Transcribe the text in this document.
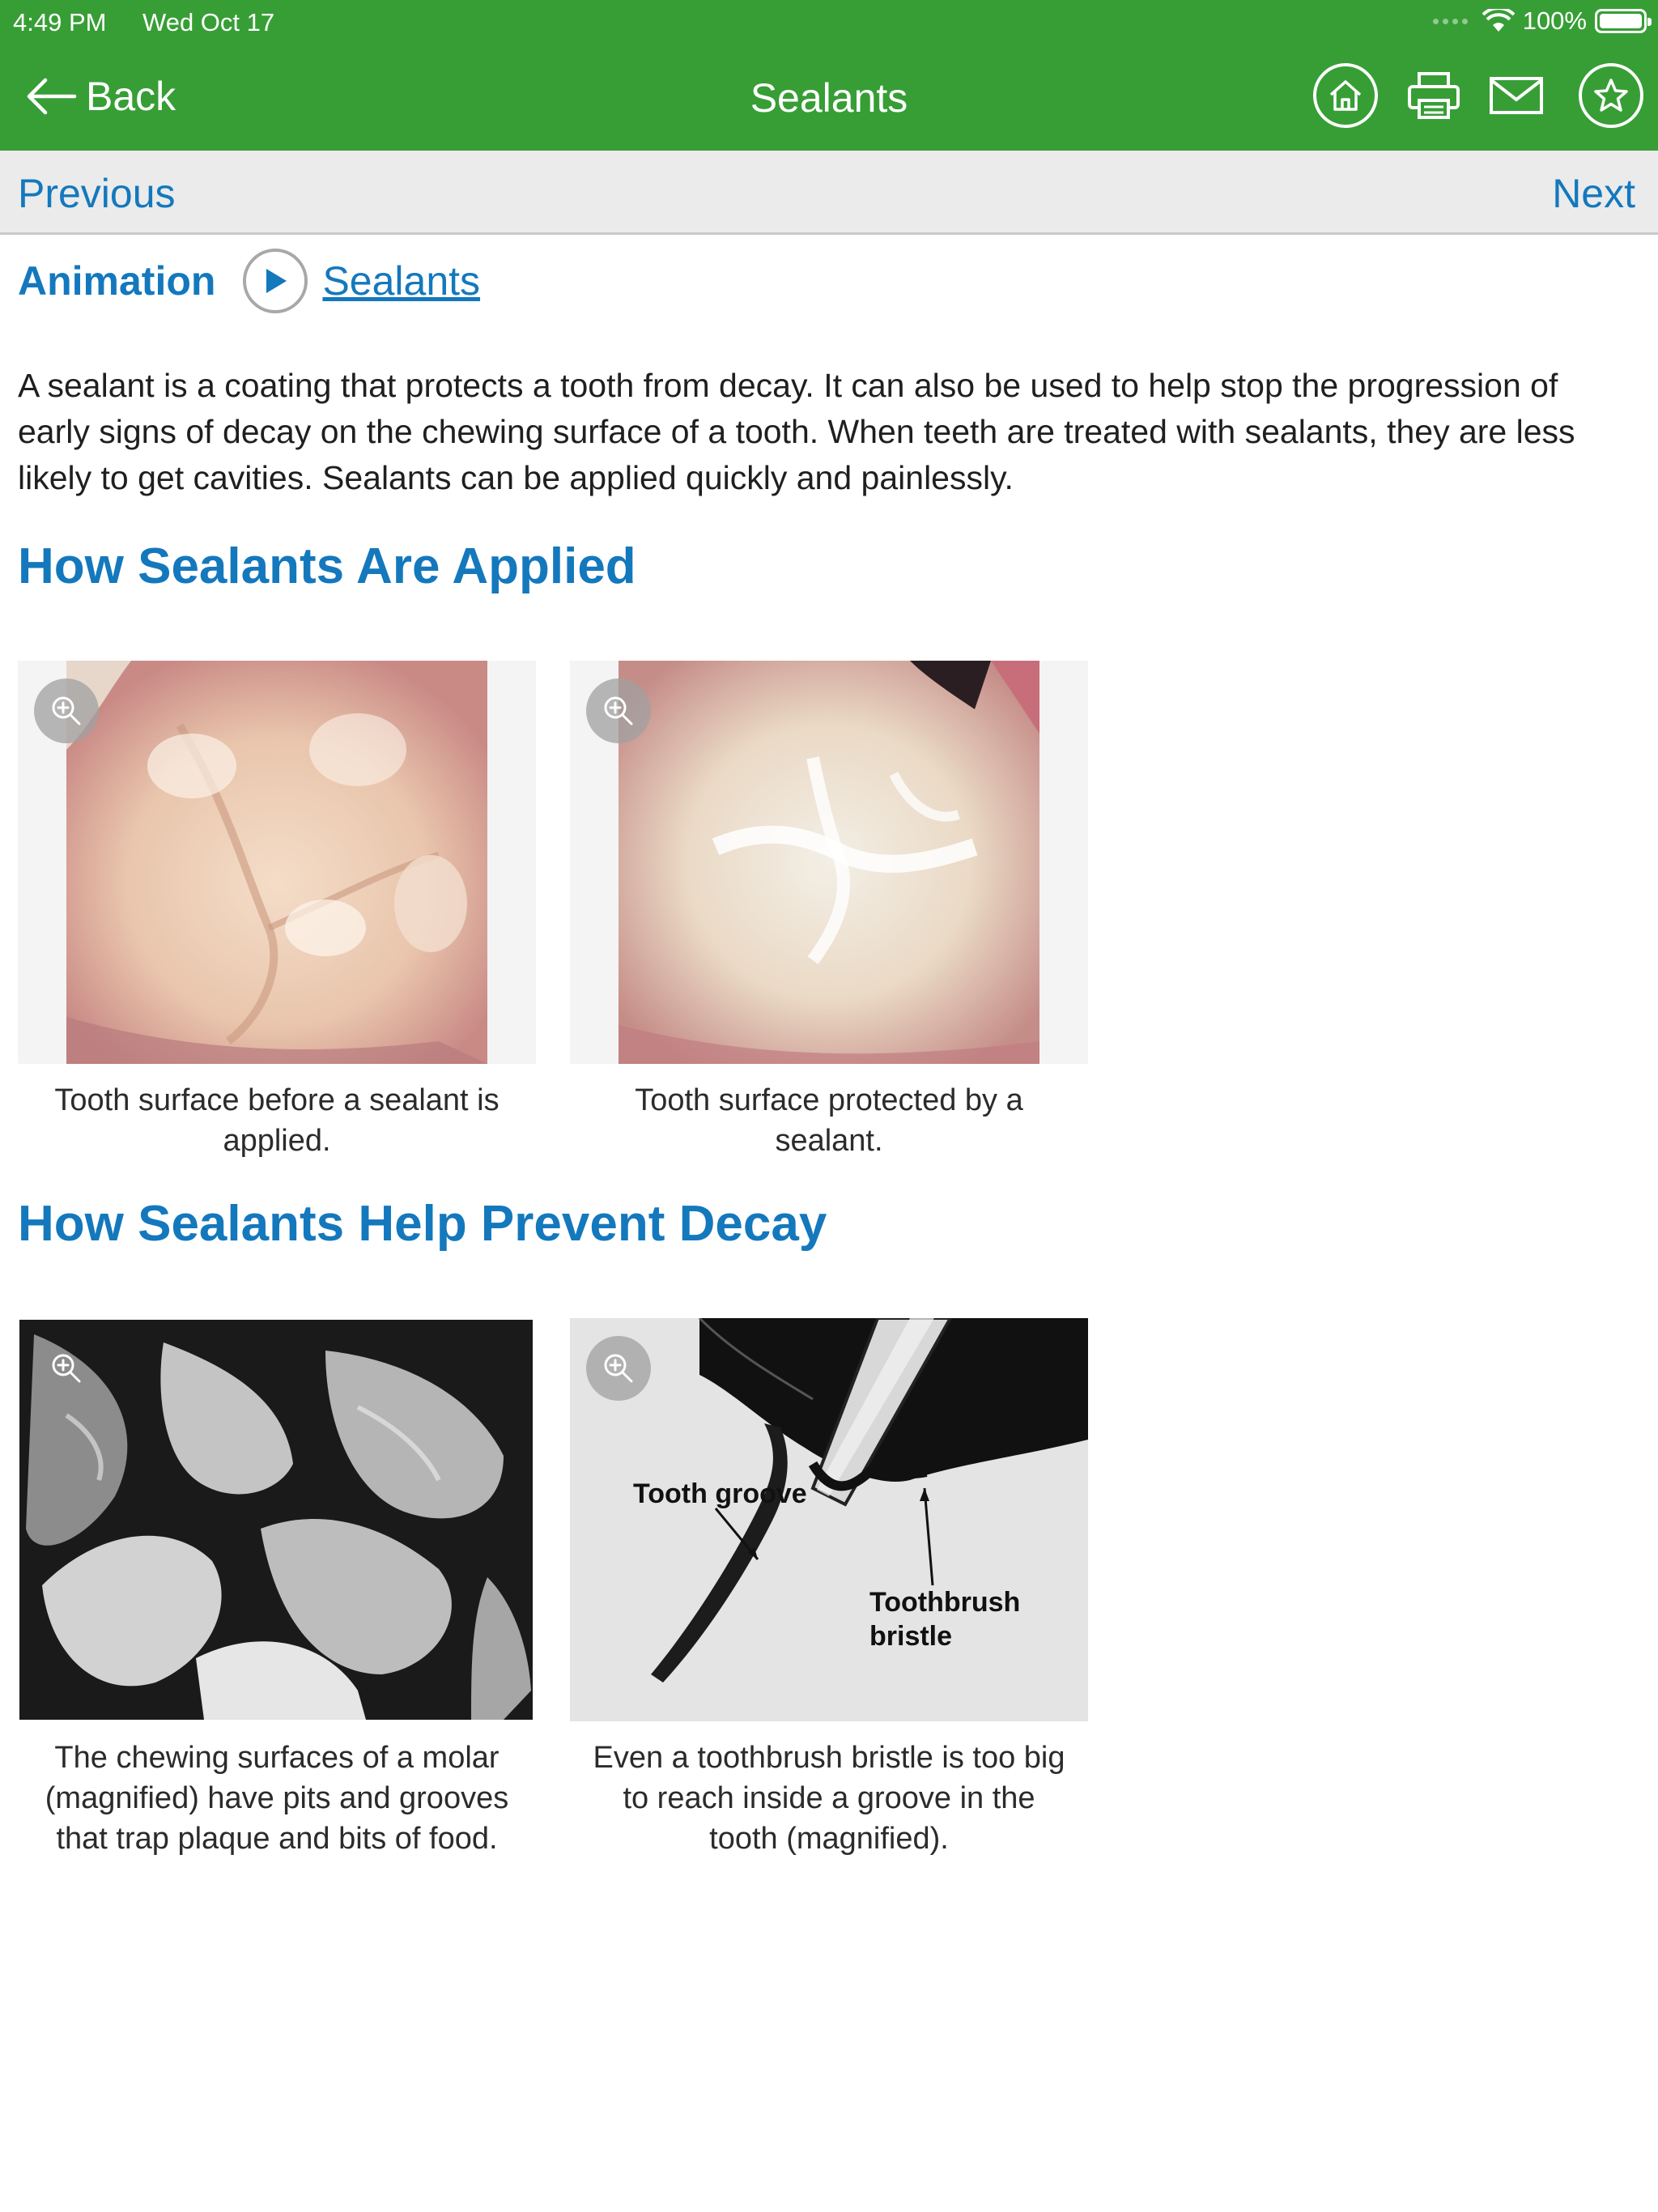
4:49 PM Wed Oct 17	100%
Back	Sealants
Previous	Next
Animation	Sealants

A sealant is a coating that protects a tooth from decay. It can also be used to help stop the progression of early signs of decay on the chewing surface of a tooth. When teeth are treated with sealants, they are less likely to get cavities. Sealants can be applied quickly and painlessly.

How Sealants Are Applied

Tooth surface before a sealant is applied.

Tooth surface protected by a sealant.

How Sealants Help Prevent Decay

The chewing surfaces of a molar (magnified) have pits and grooves that trap plaque and bits of food.

Tooth groove
Toothbrush bristle

Even a toothbrush bristle is too big to reach inside a groove in the tooth (magnified).
